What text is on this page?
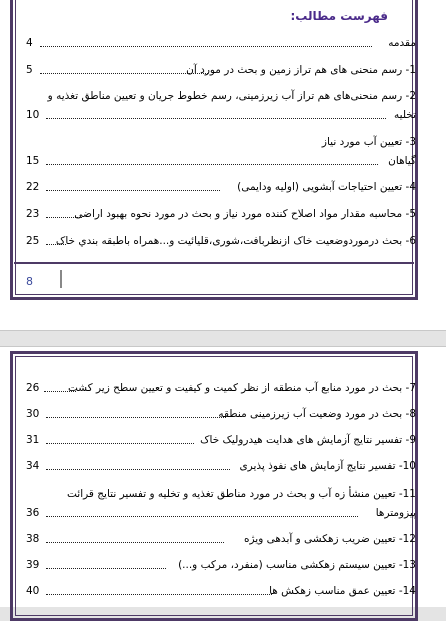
فهرست مطالب:
4	مقدمه
5	1- رسم منحنی های هم تراز زمین و بحث در مورد آن
2- رسم منحنی‌های هم تراز آب زیرزمینی، رسم خطوط جریان و تعیین مناطق تغذیه و
10	تخلیه
3- تعیین آب مورد نیاز
15	گیاهان
22	4- تعیین احتیاجات آبشویی (اولیه ودایمی)
23	5- محاسبه مقدار مواد اصلاح کننده مورد نیاز و بحث در مورد نحوه بهبود اراضی
25 6- بحث درموردوضعیت خاک ازنظربافت،شوری،قلیائیت و...همراه باطبقه بندي خاک
8
26	7- بحث در مورد منابع آب منطقه از نظر کمیت و کیفیت و تعیین سطح زیر کشت
30	8- بحث در مورد وضعیت آب زیرزمینی منطقه
31	9- تفسیر نتایج آزمایش های هدایت هیدرولیک خاک
34	10- تفسیر نتایج آزمایش های نفوذ پذیری
11- تعیین منشأ زه آب و بحث در مورد مناطق تغذیه و تخلیه و تفسیر نتایج قرائت
36	پیزومترها
38	12- تعیین ضریب زهکشی و آبدهی ویژه
39	13- تعیین سیستم زهکشی مناسب (منفرد، مرکب و...)
40	14- تعیین عمق مناسب زهکش ها
